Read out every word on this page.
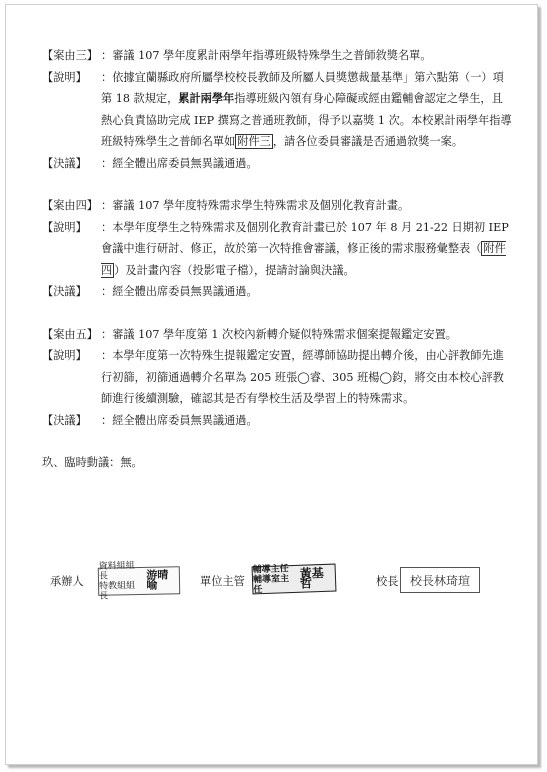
【案由三】 ：審議 107 學年度累計兩學年指導班級特殊學生之普師敘獎名單。
【說明】	：依據宜蘭縣政府所屬學校校長教師及所屬人員獎懲裁量基準」第六點第（一）項第 18 款規定，累計兩學年指導班級內領有身心障礙或經由鑑輔會認定之學生，且熱心負責協助完成 IEP 撰寫之普通班教師，得予以嘉獎 1 次。本校累計兩學年指導班級特殊學生之普師名單如 附件三 ，請各位委員審議是否通過敘獎一案。
【決議】	：經全體出席委員無異議通過。
【案由四】 ：審議 107 學年度特殊需求學生特殊需求及個別化教育計畫。
【說明】	：本學年度學生之特殊需求及個別化教育計畫已於 107 年 8 月 21-22 日期初 IEP 會議中進行研討、修正，故於第一次特推會審議，修正後的需求服務彙整表（ 附件四 ）及計畫內容（投影電子檔），提請討論與決議。
【決議】	：經全體出席委員無異議通過。
【案由五】 ：審議 107 學年度第 1 次校內新轉介疑似特殊需求個案提報鑑定安置。
【說明】	：本學年度第一次特殊生提報鑑定安置，經導師協助提出轉介後，由心評教師先進行初篩，初篩通過轉介名單為 205 班張◯睿、305 班楊◯鈞，將交由本校心評教師進行後續測驗，確認其是否有學校生活及學習上的特殊需求。
【決議】	：經全體出席委員無異議通過。
玖、臨時動議：無。
承辦人
資料組組長
特教組組長
游晴喻	單位主管
輔導主任
輔導室主任
黃基哲	校長 校長林琦瑄
